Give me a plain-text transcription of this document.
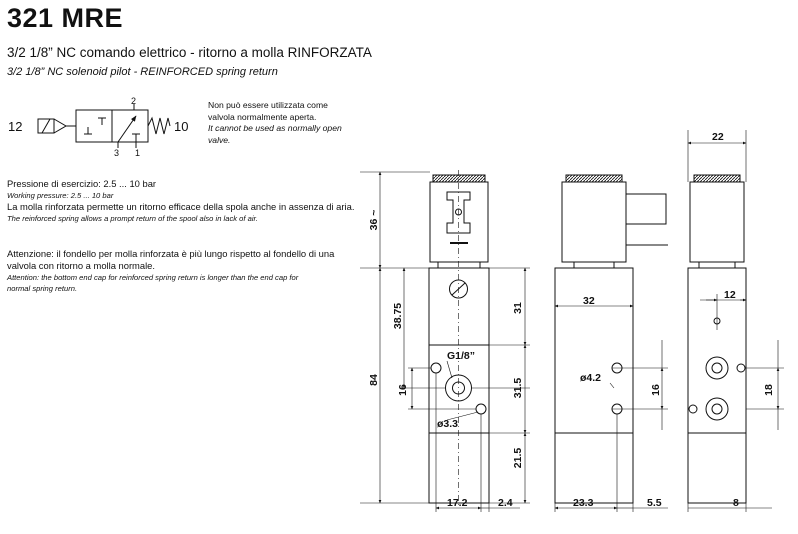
321 MRE
3/2 1/8” NC comando elettrico - ritorno a molla RINFORZATA
3/2 1/8” NC solenoid pilot - REINFORCED spring return
Non può essere utilizzata come
valvola normalmente aperta.
It cannot be used as normally open
valve.
Pressione di esercizio: 2.5 ... 10 bar
Working pressure: 2.5 ... 10 bar
La molla rinforzata permette un ritorno efficace della spola anche in assenza di aria.
The reinforced spring allows a prompt return of the spool also in lack of air.
Attenzione: il fondello per molla rinforzata è più lungo rispetto al fondello di una
valvola con ritorno a molla normale.
Attention: the bottom end cap for reinforced spring return is longer than the end cap for
normal spring return.
12	10
2
3 1
36 ~
84
38.75
16
31
31.5
21.5
17.2	2.4
G1/8”
ø3.3
32
ø4.2
16
23.3	5.5
22
12
18
8
